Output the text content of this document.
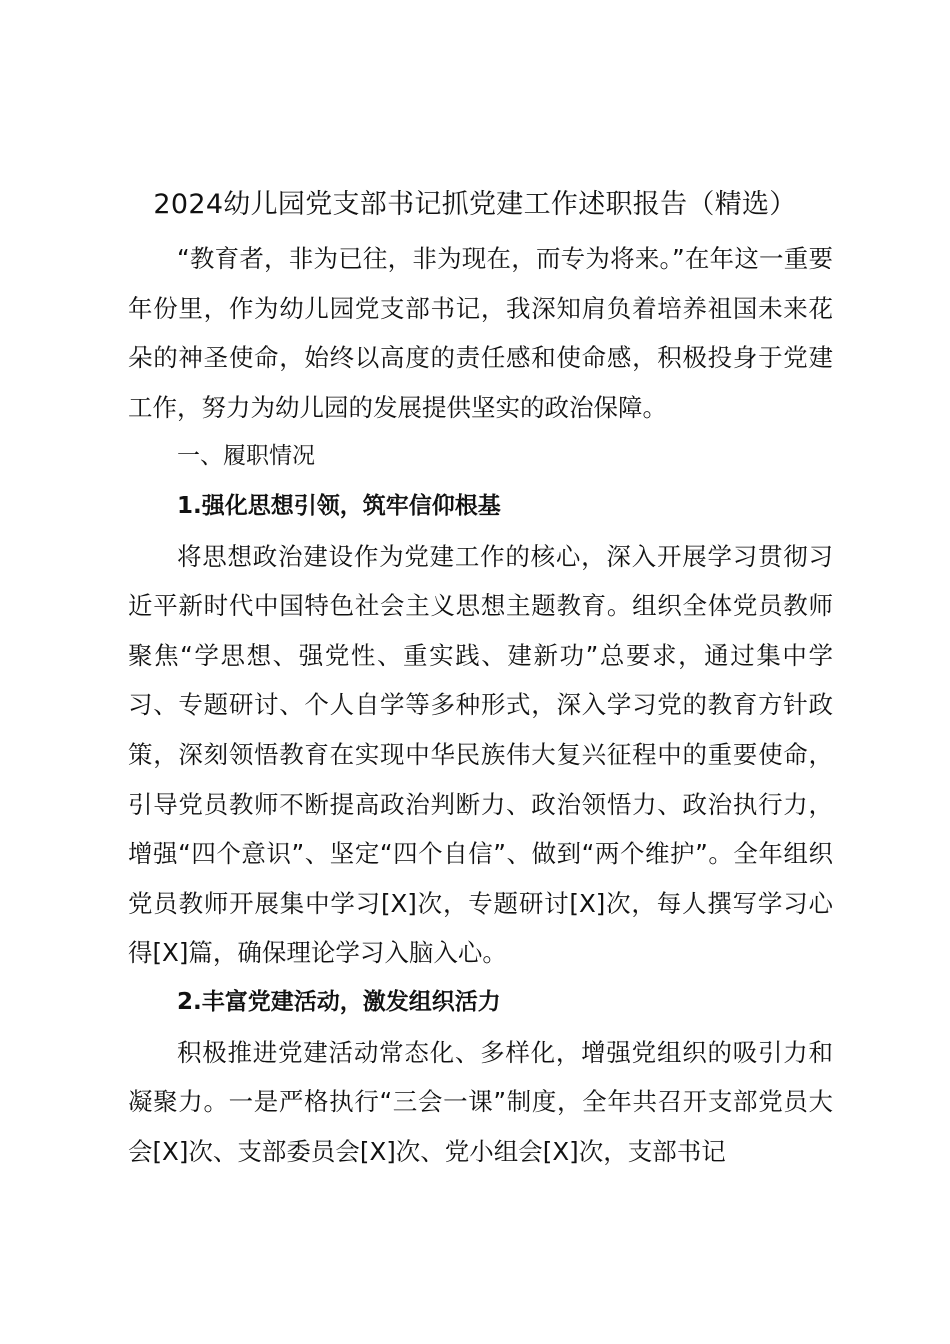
2024幼儿园党支部书记抓党建工作述职报告（精选）

“教育者，非为已往，非为现在，而专为将来。”在年这一重要年份里，作为幼儿园党支部书记，我深知肩负着培养祖国未来花朵的神圣使命，始终以高度的责任感和使命感，积极投身于党建工作，努力为幼儿园的发展提供坚实的政治保障。

一、履职情况

1.强化思想引领，筑牢信仰根基

将思想政治建设作为党建工作的核心，深入开展学习贯彻习近平新时代中国特色社会主义思想主题教育。组织全体党员教师聚焦“学思想、强党性、重实践、建新功”总要求，通过集中学习、专题研讨、个人自学等多种形式，深入学习党的教育方针政策，深刻领悟教育在实现中华民族伟大复兴征程中的重要使命，引导党员教师不断提高政治判断力、政治领悟力、政治执行力，增强“四个意识”、坚定“四个自信”、做到“两个维护”。全年组织党员教师开展集中学习[X]次，专题研讨[X]次，每人撰写学习心得[X]篇，确保理论学习入脑入心。

2.丰富党建活动，激发组织活力

积极推进党建活动常态化、多样化，增强党组织的吸引力和凝聚力。一是严格执行“三会一课”制度，全年共召开支部党员大会[X]次、支部委员会[X]次、党小组会[X]次，支部书记
